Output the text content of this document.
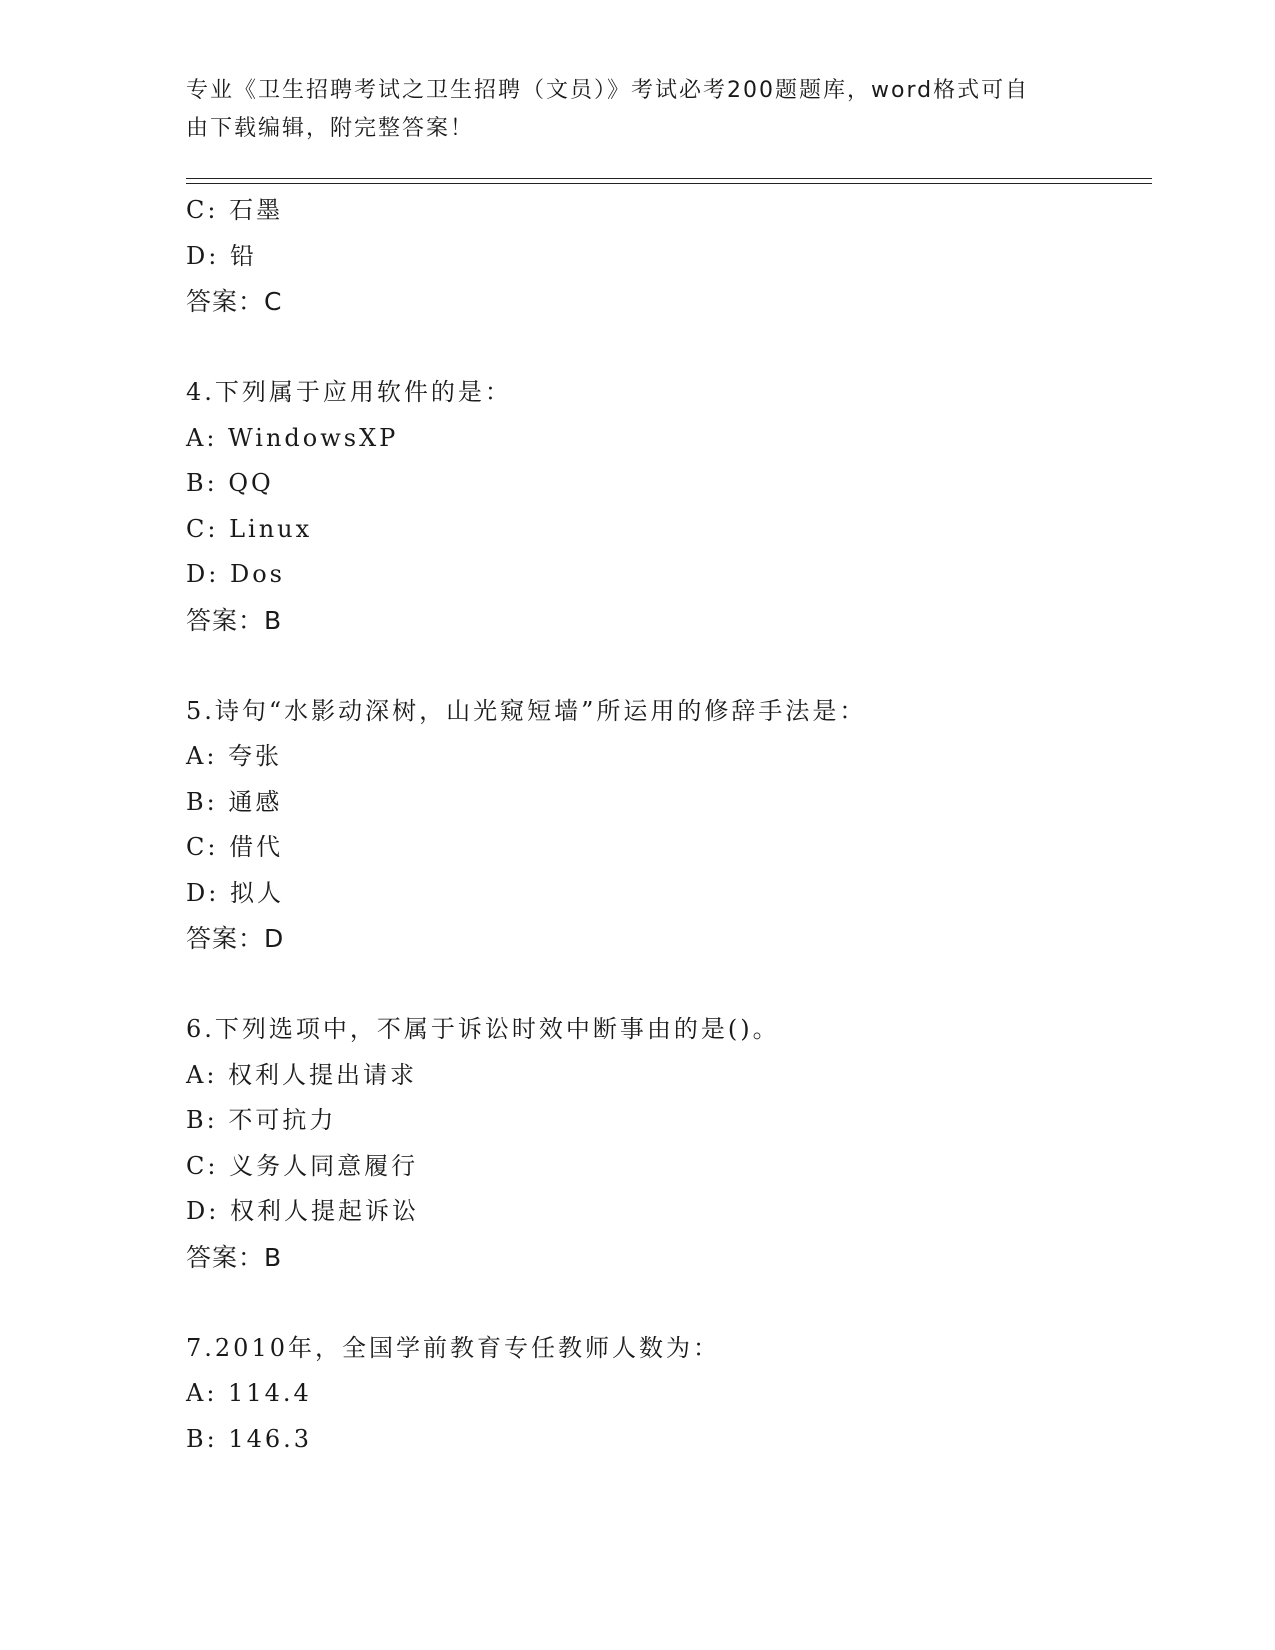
专业《卫生招聘考试之卫生招聘（文员）》考试必考200题题库，word格式可自
由下载编辑，附完整答案！
C: 石墨
D: 铅
答案：C
4.下列属于应用软件的是：
A: WindowsXP
B: QQ
C: Linux
D: Dos
答案：B
5.诗句“水影动深树，山光窥短墙”所运用的修辞手法是：
A: 夸张
B: 通感
C: 借代
D: 拟人
答案：D
6.下列选项中，不属于诉讼时效中断事由的是()。
A: 权利人提出请求
B: 不可抗力
C: 义务人同意履行
D: 权利人提起诉讼
答案：B
7.2010年，全国学前教育专任教师人数为：
A: 114.4
B: 146.3
